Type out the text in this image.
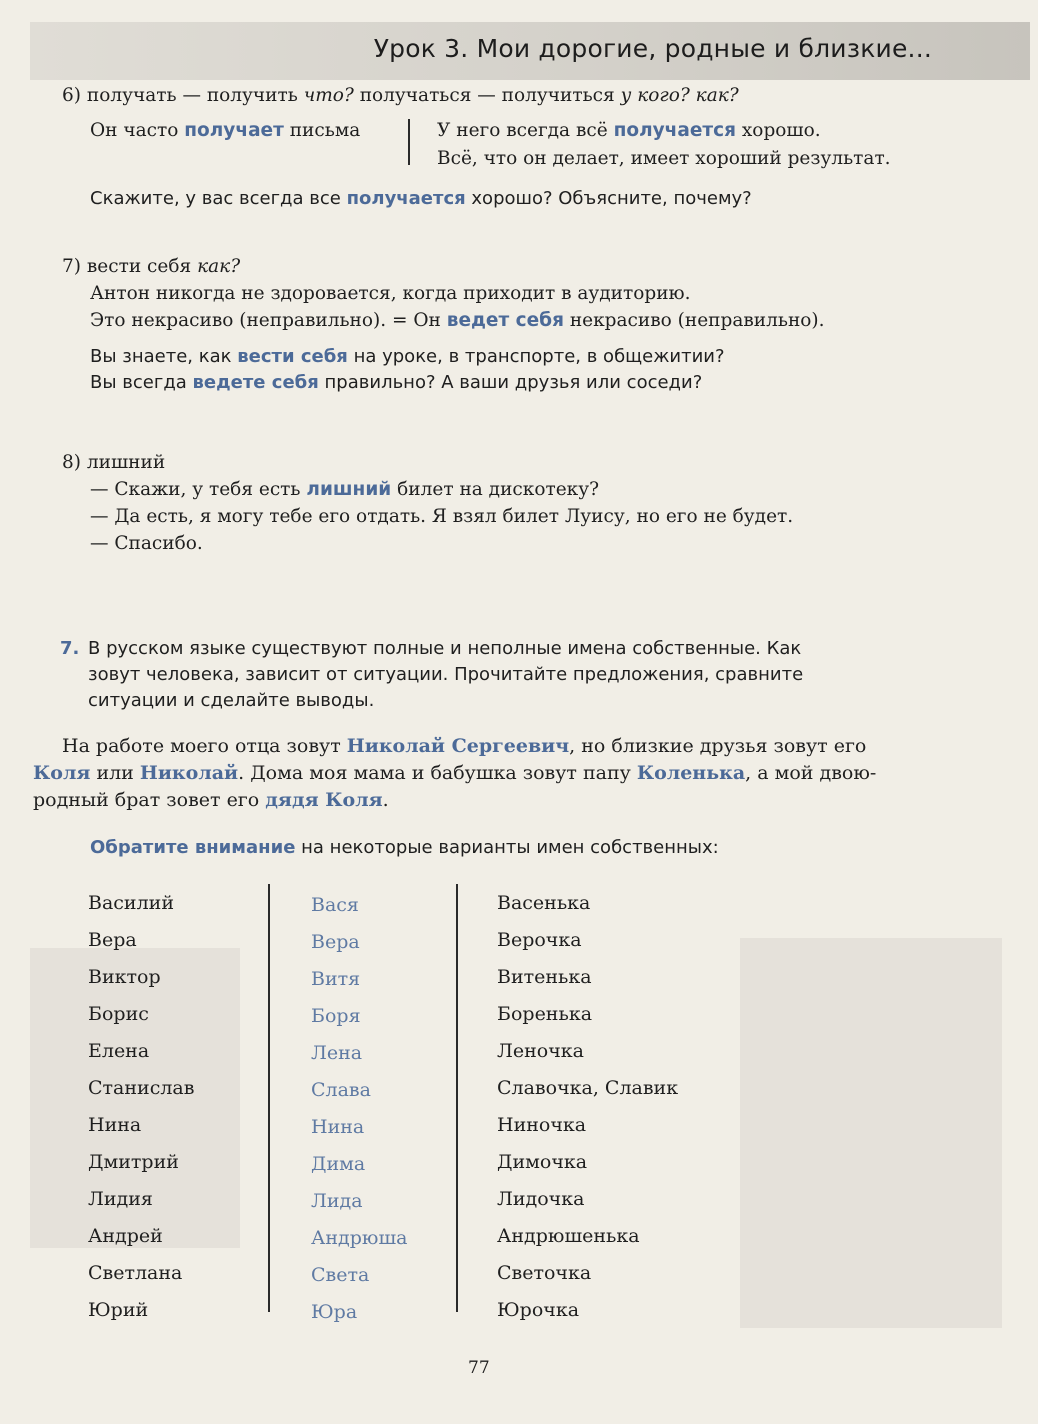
Урок 3. Мои дорогие, родные и близкие...
6) получать — получить что? получаться — получиться у кого? как?
Он часто получает письма	У него всегда всё получается хорошо.
Всё, что он делает, имеет хороший результат.
Скажите, у вас всегда все получается хорошо? Объясните, почему?
7) вести себя как?
Антон никогда не здоровается, когда приходит в аудиторию.
Это некрасиво (неправильно). = Он ведет себя некрасиво (неправильно).
Вы знаете, как вести себя на уроке, в транспорте, в общежитии?
Вы всегда ведете себя правильно? А ваши друзья или соседи?
8) лишний
— Скажи, у тебя есть лишний билет на дискотеку?
— Да есть, я могу тебе его отдать. Я взял билет Луису, но его не будет.
— Спасибо.
7. В русском языке существуют полные и неполные имена собственные. Как
зовут человека, зависит от ситуации. Прочитайте предложения, сравните
ситуации и сделайте выводы.
На работе моего отца зовут Николай Сергеевич, но близкие друзья зовут его
Коля или Николай. Дома моя мама и бабушка зовут папу Коленька, а мой двою-
родный брат зовет его дядя Коля.
Обратите внимание на некоторые варианты имен собственных:
Василий
Вера
Виктор
Борис
Елена
Станислав
Нина
Дмитрий
Лидия
Андрей
Светлана
Юрий
Вася
Вера
Витя
Боря
Лена
Слава
Нина
Дима
Лида
Андрюша
Света
Юра
Васенька
Верочка
Витенька
Боренька
Леночка
Славочка, Славик
Ниночка
Димочка
Лидочка
Андрюшенька
Светочка
Юрочка
77
